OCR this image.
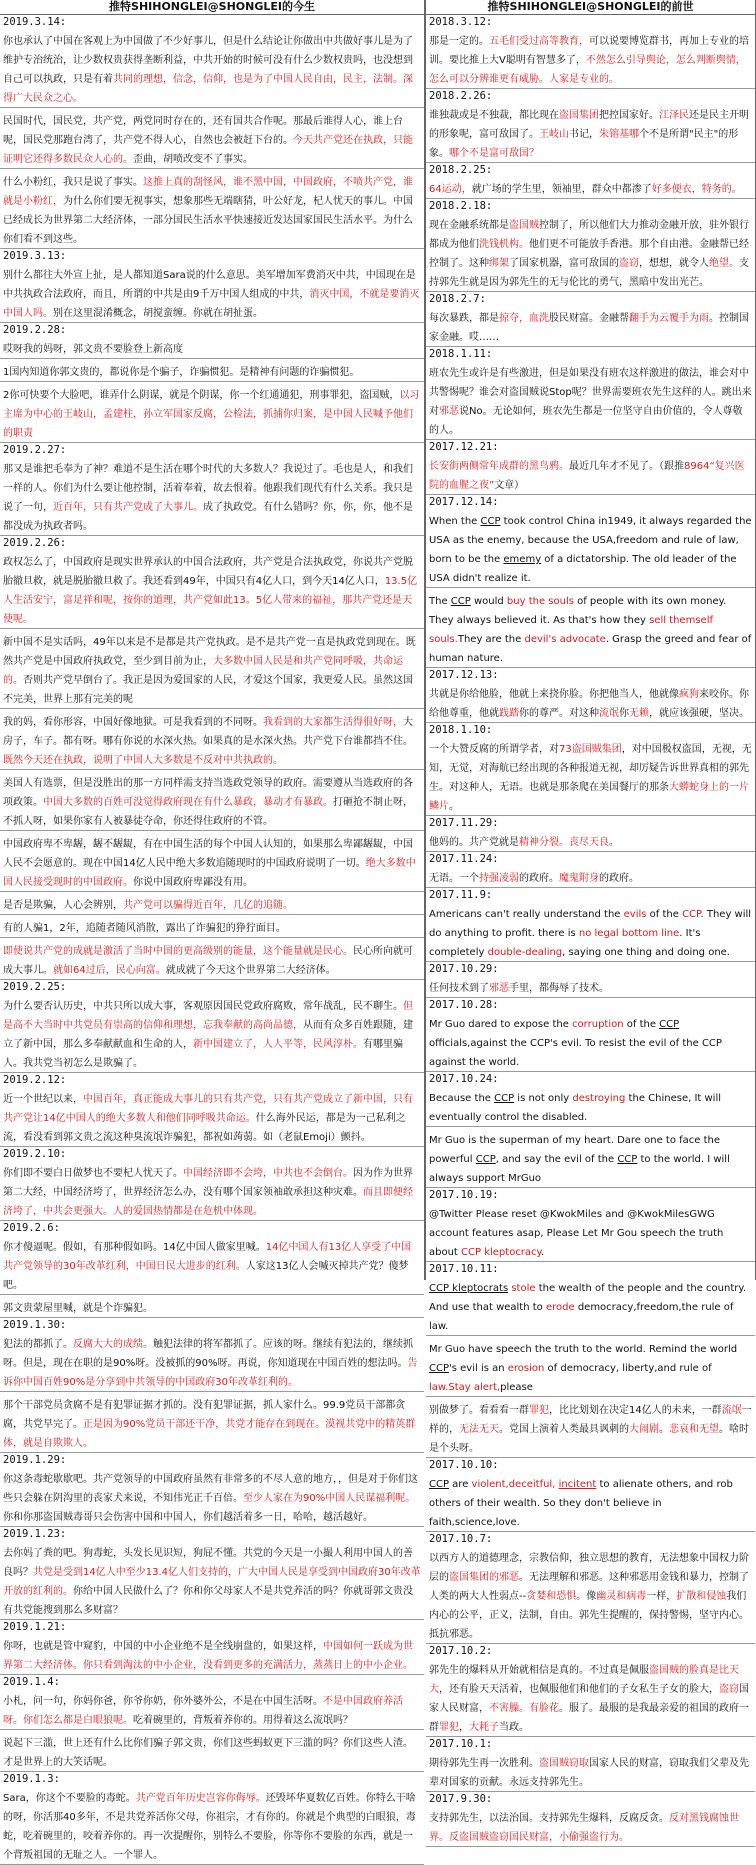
推特SHIHONGLEI@SHONGLEI的今生
2019.3.14:
你也承认了中国在客观上为中国做了不少好事儿，但是什么结论让你做出中共做好事儿是为了维护专治统治，让少数权贵获得垄断利益，中共开始的时候可没有什么少数权贵吗，也没想到自己可以执政，只是有着共同的理想，信念，信仰，也是为了中国人民自由，民主，法制。深得广大民众之心。
民国时代，国民党，共产党，两党同时存在的，还有国共合作呢。那最后谁得人心，谁上台呢，国民党那跑台湾了，共产党不得人心，自然也会被赶下台的。今天共产党还在执政，只能证明它还得多数民众人心的。歪曲，胡喷改变不了事实。
什么小粉红，我只是说了事实。这推上真的刮怪风，谁不黑中国，中国政府，不喷共产党，谁就是小粉红，为什么你们要无视事实，想象那些无端瞎猜，叶公好龙，杞人忧天的事儿。中国已经成长为世界第二大经济体，一部分国民生活水平快速接近发达国家国民生活水平。为什么你们看不到这些。
2019.3.13:
别什么都往大外宣上扯，是人都知道Sara说的什么意思。美军增加军费消灭中共，中国现在是中共执政合法政府，而且，所谓的中共是由9千万中国人组成的中共，消灭中国，不就是要消灭中国人吗。别在这里混淆概念，胡搅蛮缠。你就在胡扯蛋。
2019.2.28:
哎呀我的妈呀，郭文贵不要脸登上新高度
1国内知道你郭文贵的，都说你是个骗子，诈骗惯犯。是精神有问题的诈骗惯犯。
2你可快要个大脸吧，谁弄什么阴谋，就是个阴谋，你一个红通通犯，刑事罪犯，盗国贼，以习主席为中心的王岐山，孟建柱，孙立军国家反腐，公检法，抓捕你归案，是中国人民喊予他们的职责
2019.2.27:
那又是谁把毛奉为了神？难道不是生活在哪个时代的大多数人？我说过了。毛也是人，和我们一样的人。你们为什么要让他控制，活着奉着，故去恨着。他跟我们现代有什么关系。我只是说了一句，近百年，只有共产党成了大事儿。成了执政党。有什么错吗？你，你，你，他不是都没成为执政者吗。
2019.2.26:
政权怎么了，中国政府是现实世界承认的中国合法政府，共产党是合法执政党，你说共产党脱胎撤旦救，就是脱胎撤旦救了。我还看到49年，中国只有4亿人口，到今天14亿人口，13.5亿人生活安宁，富足祥和呢，按你的道理，共产党如此13。5亿人带来的福祉，那共产党还是天使呢。
新中国不是实话吗，49年以来是不是都是共产党执政。是不是共产党一直是执政党到现在。既然共产党是中国政府执政党，至少到目前为止，大多数中国人民是和共产党同呼吸，共命运的。否则共产党早倒台了。我正是因为爱国家的人民，才爱这个国家，我更爱人民。虽然这国不完美，世界上那有完美的呢
我的妈，看你形容，中国好像地狱。可是我看到的不同呀。我看到的大家都生活得很好呀，大房子，车子。都有呀。哪有你说的水深火热。如果真的是水深火热。共产党下台谁都挡不住。既然今天还在执政，说明了中国人大多数是不反对中共执政的。
美国人有选票，但是没胜出的那一方同样需支持当选政党领导的政府。需要遵从当选政府的各项政策。中国大多数的百姓可没觉得政府现在有什么暴政，暴动才有暴政。打砸抢不制止呀，不抓人呀，如果你家有人被暴徒夺命，你还得住政府的不管。
中国政府卑不卑龌，龌不龌龊，有在中国生活的每个中国人认知的，如果那么卑鄙龌龊，中国人民不会愿意的。现在中国14亿人民中绝大多数追随现时的中国政府说明了一切。绝大多数中国人民接受现时的中国政府。你说中国政府卑鄙没有用。
是否是欺骗，人心会辨别，共产党可以骗得近百年，几亿的追随。
有的人骗1，2年，追随者随风消散，露出了诈骗犯的狰狞面目。
即使说共产党的成就是激活了当时中国的更高级别的能量，这个能量就是民心。民心所向就可成大事儿。就如64过后，民心向富。就成就了今天这个世界第二大经济体。
2019.2.25:
为什么要否认历史，中共只所以成大事，客观原因国民党政府腐败，常年战乱，民不聊生。但是高不大当时中共党员有崇高的信仰和理想，忘我奉献的高尚品德，从而有众多百姓跟随，建立了新中国，那么多奉献献血和生命的人，新中国建立了，人人平等，民风淳朴。有哪里骗人。我共党当初怎么是欺骗了。
2019.2.12:
近一个世纪以来，中国百年，真正能成大事儿的只有共产党，只有共产党成立了新中国，只有共产党让14亿中国人的绝大多数人和他们同呼吸共命运。什么海外民运，都是为一己私利之流，看没看到郭文贵之流这种臭流氓诈骗犯，都祝如蒟蒻。如（老鼠Emoji）颤抖。
2019.2.10:
你们即不要白日做梦也不要杞人忧天了。中国经济即不会垮，中共也不会倒台。因为作为世界第二大经，中国经济垮了，世界经济怎么办，没有哪个国家领袖敢承担这种灾难。而且即便经济垮了，中共会更强大。人的爱国热情都是在危机中体现。
2019.2.6:
你才傻逼呢。假如，有那种假如吗。14亿中国人做家里喊。14亿中国人有13亿人享受了中国共产党领导的30年改革红利，中国日民大进步的红利。人家这13亿人会喊灭掉共产党？傻梦吧。
郭文贵蒙屋里喊，就是个诈骗犯。
2019.1.30:
犯法的都抓了。反腐大大的成绩。触犯法律的将军都抓了。应该的呀。继续有犯法的，继续抓呀。但是，现在在职的是90%呀。没被抓的90%呀。再说，你知道现在中国百姓的想法吗。告诉你中国百姓90%是分享到中共领导的中国政府30年改革红利的。
那个干部党员贪腐不是有犯罪证据才抓的。没有犯罪证据，抓人家什么。99.9党员干部都贪腐，共党早完了。正是因为90%党员干部还干净，共党才能存在到现在。漠视共党中的精英群体，就是自欺欺人。
2019.1.29:
你这条毒蛇歇歇吧。共产党领导的中国政府虽然有非常多的不尽人意的地方，，但是对于你们这些只会躲在阴沟里的丧家犬来说，不知伟光正千百倍。至少人家在为90%中国人民谋福利呢。你和你那盗国贼毒哥只会伤害中国和中国人，你们越活着多一日，哈哈，越活越好。
2019.1.23:
去你妈了粪的吧。狗毒蛇，头发长见识短，狗屁不懂。共党的今天是一小撮人利用中国人的善良吗？共党是受到14亿人中至少13.4亿人们支持的，广大中国人民是享受到中国政府30年改革开放的红利的。你给中国人民做什么了？你和你父母家人不是共党养活的吗？你就哥郭文贵没有共党能搜到那么多财富？
2019.1.21:
你呀，也就是管中窥豹，中国的中小企业绝不是全线崩盘的，如果这样，中国如何一跃成为世界第二大经济体。你只看到淘汰的中小企业，没看到更多的充满活力，蒸蒸日上的中小企业。
2019.1.4:
小札，问一句，你妈你爸，你爷你奶，你外婆外公，不是在中国生活呀。不是中国政府养活呀。你们怎么都是白眼狼呢。吃着碗里的，背叛着养你的。用得着这么流氓吗？
说起下三滥，世上还有什么比你们骗子郭文贵，你们这些蚂蚁更下三滥的吗？你们这些人渣。才是世界上的大笑话呢。
2019.1.3:
Sara，你这个不要脸的毒蛇。共产党百年历史岂容你侮辱。还毁坏华夏数亿百姓。你特么干啥的呀，你活那40多年，不是共党养活你父母，你祖宗，才有你的。你就是个典型的白眼狼，毒蛇，吃着碗里的，咬着养你的。再一次提醒你，别特么不要脸，你等你不要脸的东西，就是一个背叛祖国的无耻之人。一个罪人。
推特SHIHONGLEI@SHONGLEI的前世
2018.3.12:
那是一定的。五毛们受过高等教育，可以说要博览群书，再加上专业的培训。要比推上大V聪明有智慧多了，不然怎么引导舆论，怎么判断舆情，怎么可以分辨谁更有威胁。人家是专业的。
2018.2.26:
谁独裁或是不独裁，都比现在盗国集团把控国家好。江泽民还是民主开明的形象呢，富可敌国了。王岐山书记，朱镕基哪个不是所谓"民主"的形象。哪个不是富可敌国？
2018.2.25:
64运动，就广场的学生里，领袖里，群众中都渗了好多便衣，特务的。
2018.2.18:
现在金融系统都是盗国贼控制了，所以他们大力推动金融开放，驻外银行都成为他们洗钱机构。他们更不可能放手香港。那个自由港。金融帮已经控制了。这种绑架了国家机器，富可敌国的盗窃，想想，就令人绝望。支持郭先生就是因为郭先生的无与伦比的勇气，黑暗中发出光芒。
2018.2.7:
每次暴跌，都是掠夺，血洗股民财富。金融帮翻手为云覆手为雨。控制国家金融。哎……
2018.1.11:
班农先生或许是有些激进，但是如果没有班农这样激进的做法，谁会对中共警惕呢？谁会对盗国贼说Stop呢？世界需要班农先生这样的人。跳出来对邪恶说No。无论如何，班农先生都是一位坚守自由价值的，令人尊敬的人。
2017.12.21:
长安街两侧常年成群的黑鸟鸦。最近几年才不见了。（跟推8964“复兴医院的血腥之夜”文章）
2017.12.14:
When the CCP took control China in1949, it always regarded the USA as the enemy, because the USA,freedom and rule of law, born to be the ememy of a dictatorship. The old leader of the USA didn't realize it.
The CCP would buy the souls of people with its own money. They always believed it. As that's how they sell themself souls.They are the devil's advocate. Grasp the greed and fear of human nature.
2017.12.13:
共就是你给他脸，他就上来挠你脸。你把他当人，他就像疯狗来咬你。你给他尊重，他就践踏你的尊严。对这种流氓你无赖，就应该强硬，坚决。
2018.1.10:
一个大赞反腐的所谓学者，对73盗国贼集团，对中国极权盗国，无视，无知，无觉，对海航已经出现的各种报道无视，却厉疑告诉世界真相的郭先生。对这种人，无语。也就是那条爬在美国餐厅的那条大蟒蛇身上的一片鳞片。
2017.11.29:
他妈的。共产党就是精神分裂。丧尽天良。
2017.11.24:
无语。一个持强凌弱的政府。魔鬼附身的政府。
2017.11.9:
Americans can't really understand the evils of the CCP. They will do anything to profit. there is no legal bottom line. It's completely double-dealing, saying one thing and doing one.
2017.10.29:
任何技术到了邪恶手里，都侮辱了技术。
2017.10.28:
Mr Guo dared to expose the corruption of the CCP officials,against the CCP's evil. To resist the evil of the CCP against the world.
2017.10.24:
Because the CCP is not only destroying the Chinese, It will eventually control the disabled.
Mr Guo is the superman of my heart. Dare one to face the powerful CCP, and say the evil of the CCP to the world. I will always support MrGuo
2017.10.19:
@Twitter Please reset @KwokMiles and @KwokMilesGWG account features asap, Please Let Mr Gou speech the truth about CCP kleptocracy.
2017.10.11:
CCP kleptocrats stole the wealth of the people and the country. And use that wealth to erode democracy,freedom,the rule of law.
Mr Guo have speech the truth to the world. Remind the world CCP's evil is an erosion of democracy, liberty,and rule of law.Stay alert,please
别做梦了。看看看一群罪犯，比比划划在决定14亿人的未来，一群流氓一样的，无法无天。党国上演着人类最具讽刺的大闹剧。悲哀和无望。啥时是个头呀。
2017.10.10:
CCP are violent,deceitful, incitent to alienate others, and rob others of their wealth. So they don't believe in faith,science,love.
2017.10.7:
以西方人的道德理念，宗教信仰，独立思想的教育，无法想象中国权力阶层的盗国集团的邪恶。无法理解和邪恶。这种邪恶用金钱和暴力，控制了人类的两大人性弱点--贪婪和恐惧。像幽灵和病毒一样，扩散和侵蚀我们内心的公平，正义，法制，自由。郭先生提醒的，保持警惕，坚守内心。抵抗邪恶。
2017.10.2:
郭先生的爆料从开始就相信是真的。不过真是佩服盗国贼的脸真是比天大，还有脸天天活着，也佩服他们和他们的子女私生子女的脸大，盗窃国家人民财富，不害臊。有脸花。服了。最服的是我最亲爱的祖国的政府一群罪犯，大耗子当政。
2017.10.1:
期待郭先生再一次胜利。盗国贼窃取国家人民的财富，窃取我们父辈及先辈对国家的贡献。永远支持郭先生。
2017.9.30:
支持郭先生，以法治国。支持郭先生爆料，反腐反贪。反对黑钱腐蚀世界。反盗国贼盗窃国民财富，小偷强盗行为。
